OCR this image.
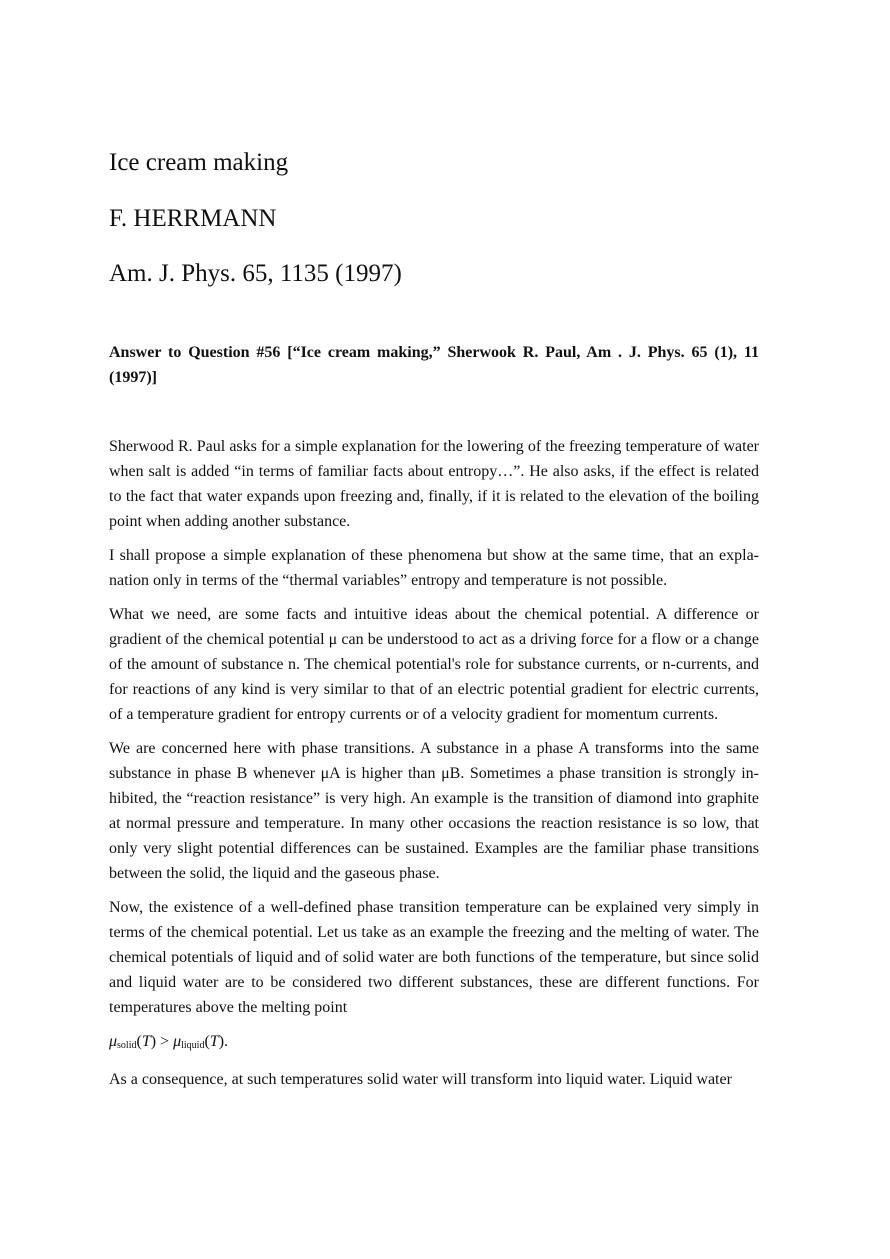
Ice cream making
F. HERRMANN
Am. J. Phys. 65, 1135 (1997)

Answer to Question #56 [“Ice cream making,” Sherwook R. Paul, Am . J. Phys. 65 (1), 11 (1997)]

Sherwood R. Paul asks for a simple explanation for the lowering of the freezing temperature of water when salt is added “in terms of familiar facts about entropy…”. He also asks, if the effect is related to the fact that water expands upon freezing and, finally, if it is related to the elevation of the boiling point when adding another substance.

I shall propose a simple explanation of these phenomena but show at the same time, that an explanation only in terms of the “thermal variables” entropy and temperature is not possible.

What we need, are some facts and intuitive ideas about the chemical potential. A difference or gradient of the chemical potential μ can be understood to act as a driving force for a flow or a change of the amount of substance n. The chemical potential's role for substance currents, or n-currents, and for reactions of any kind is very similar to that of an electric potential gradient for electric currents, of a temperature gradient for entropy currents or of a velocity gradient for momentum currents.

We are concerned here with phase transitions. A substance in a phase A transforms into the same substance in phase B whenever μA is higher than μB. Sometimes a phase transition is strongly inhibited, the “reaction resistance” is very high. An example is the transition of diamond into graphite at normal pressure and temperature. In many other occasions the reaction resistance is so low, that only very slight potential differences can be sustained. Examples are the familiar phase transitions between the solid, the liquid and the gaseous phase.

Now, the existence of a well-defined phase transition temperature can be explained very simply in terms of the chemical potential. Let us take as an example the freezing and the melting of water. The chemical potentials of liquid and of solid water are both functions of the temperature, but since solid and liquid water are to be considered two different substances, these are different functions. For temperatures above the melting point

$\mu_{solid}(T) > \mu_{liquid}(T)$.

As a consequence, at such temperatures solid water will transform into liquid water. Liquid water
